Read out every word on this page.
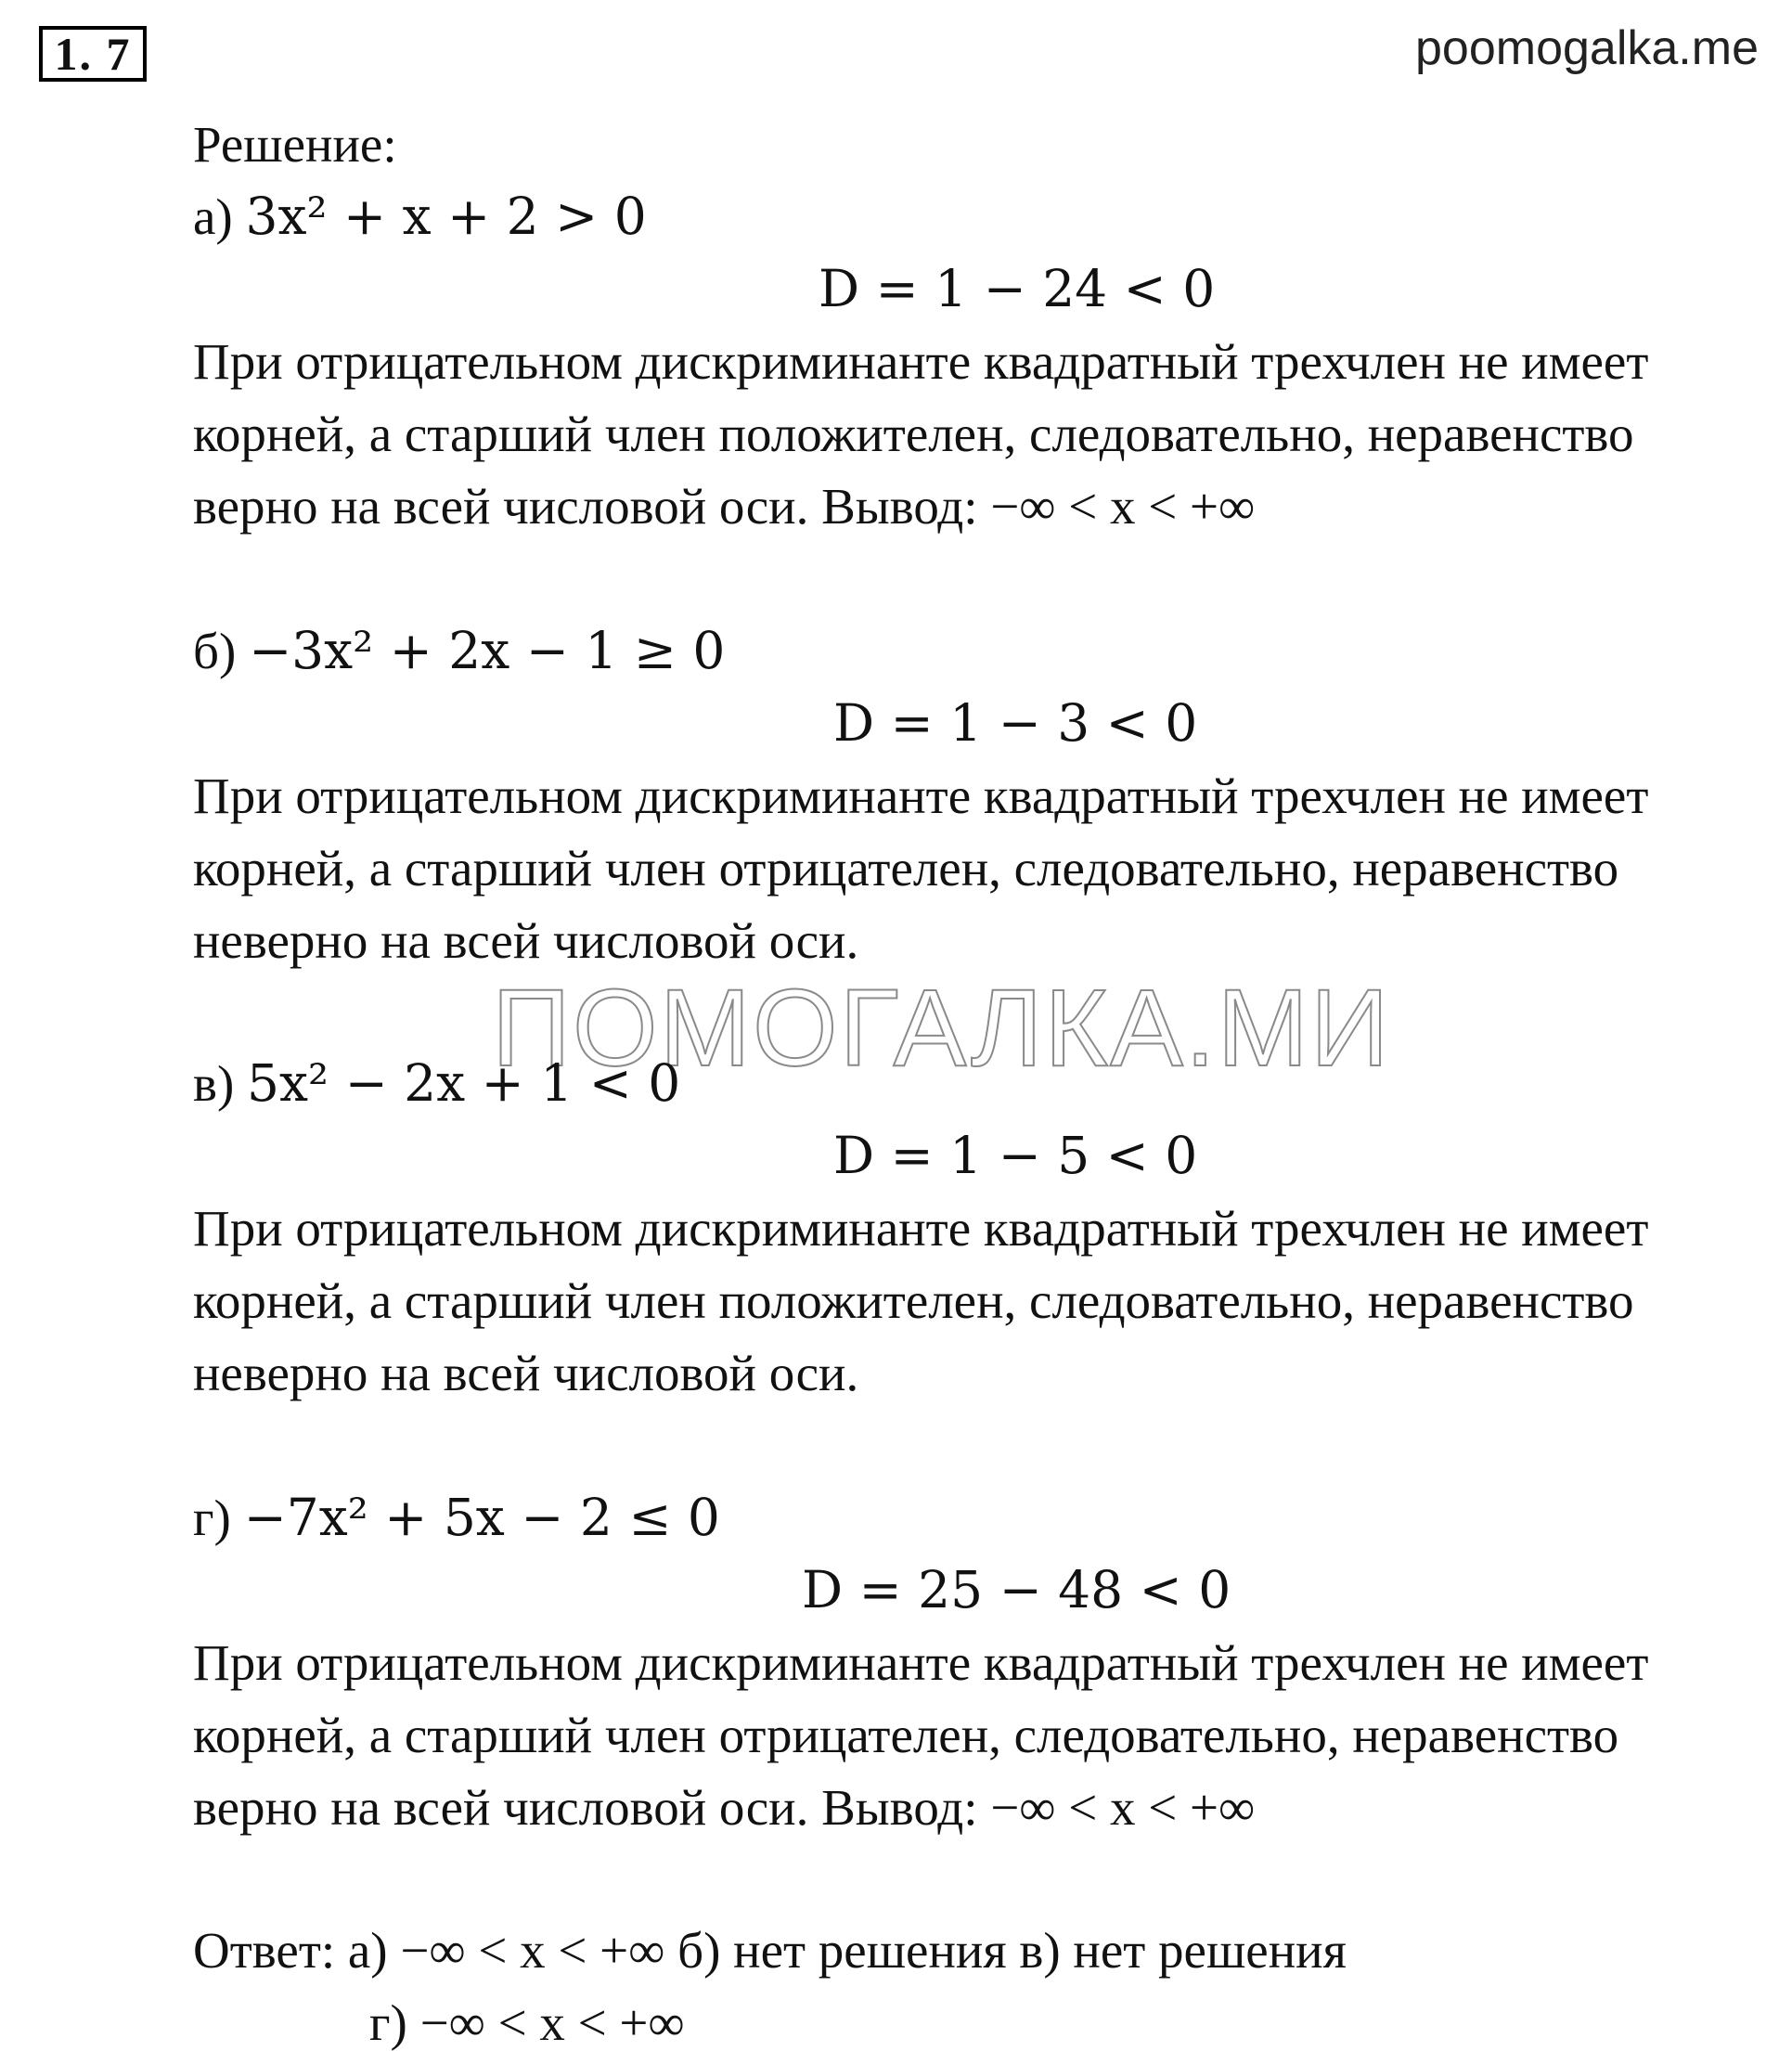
1. 7	poomogalka.me
ПОМОГАЛКА.МИ
Решение:
а) 3x² + x + 2 > 0
D = 1 − 24 < 0
При отрицательном дискриминанте квадратный трехчлен не имеет
корней, а старший член положителен, следовательно, неравенство
верно на всей числовой оси. Вывод: −∞ < x < +∞
б) −3x² + 2x − 1 ≥ 0
D = 1 − 3 < 0
При отрицательном дискриминанте квадратный трехчлен не имеет
корней, а старший член отрицателен, следовательно, неравенство
неверно на всей числовой оси.
в) 5x² − 2x + 1 < 0
D = 1 − 5 < 0
При отрицательном дискриминанте квадратный трехчлен не имеет
корней, а старший член положителен, следовательно, неравенство
неверно на всей числовой оси.
г) −7x² + 5x − 2 ≤ 0
D = 25 − 48 < 0
При отрицательном дискриминанте квадратный трехчлен не имеет
корней, а старший член отрицателен, следовательно, неравенство
верно на всей числовой оси. Вывод: −∞ < x < +∞
Ответ: а) −∞ < x < +∞ б) нет решения в) нет решения
г) −∞ < x < +∞
